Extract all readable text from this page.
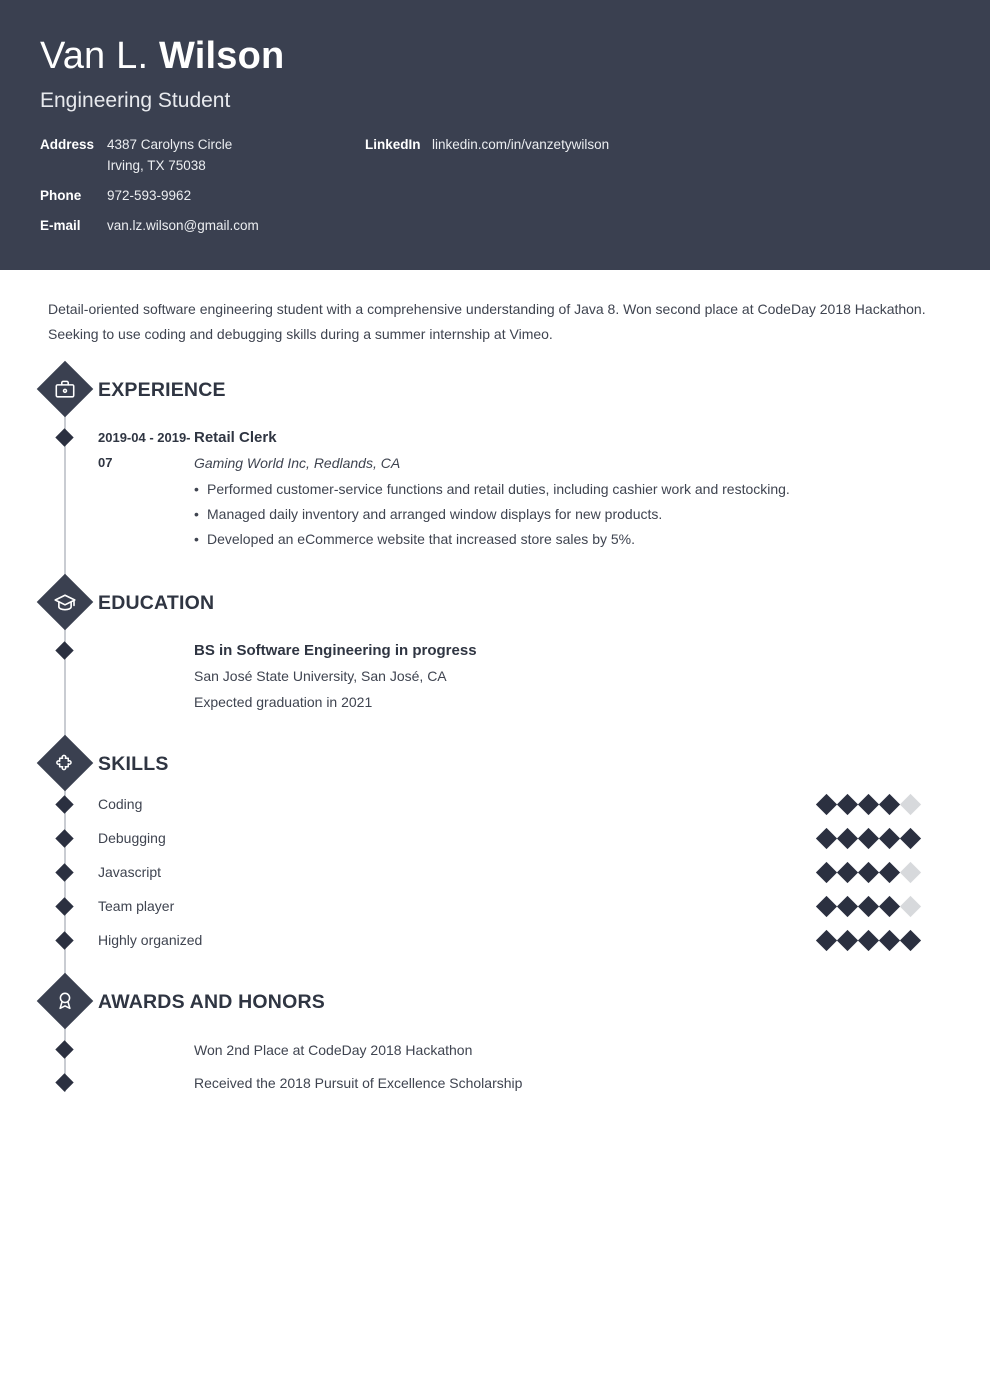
Van L. Wilson
Engineering Student
Address 4387 Carolyns Circle
Irving, TX 75038
Phone	972-593-9962
E-mail	van.lz.wilson@gmail.com
LinkedIn linkedin.com/in/vanzetywilson
Detail-oriented software engineering student with a comprehensive understanding of Java 8. Won second place at CodeDay 2018 Hackathon. Seeking to use coding and debugging skills during a summer internship at Vimeo.
EXPERIENCE
2019-04 - 2019-07
Retail Clerk
Gaming World Inc, Redlands, CA
• Performed customer-service functions and retail duties, including cashier work and restocking.
• Managed daily inventory and arranged window displays for new products.
• Developed an eCommerce website that increased store sales by 5%.
EDUCATION
BS in Software Engineering in progress
San José State University, San José, CA
Expected graduation in 2021
SKILLS
Coding
Debugging
Javascript
Team player
Highly organized
AWARDS AND HONORS
Won 2nd Place at CodeDay 2018 Hackathon
Received the 2018 Pursuit of Excellence Scholarship
